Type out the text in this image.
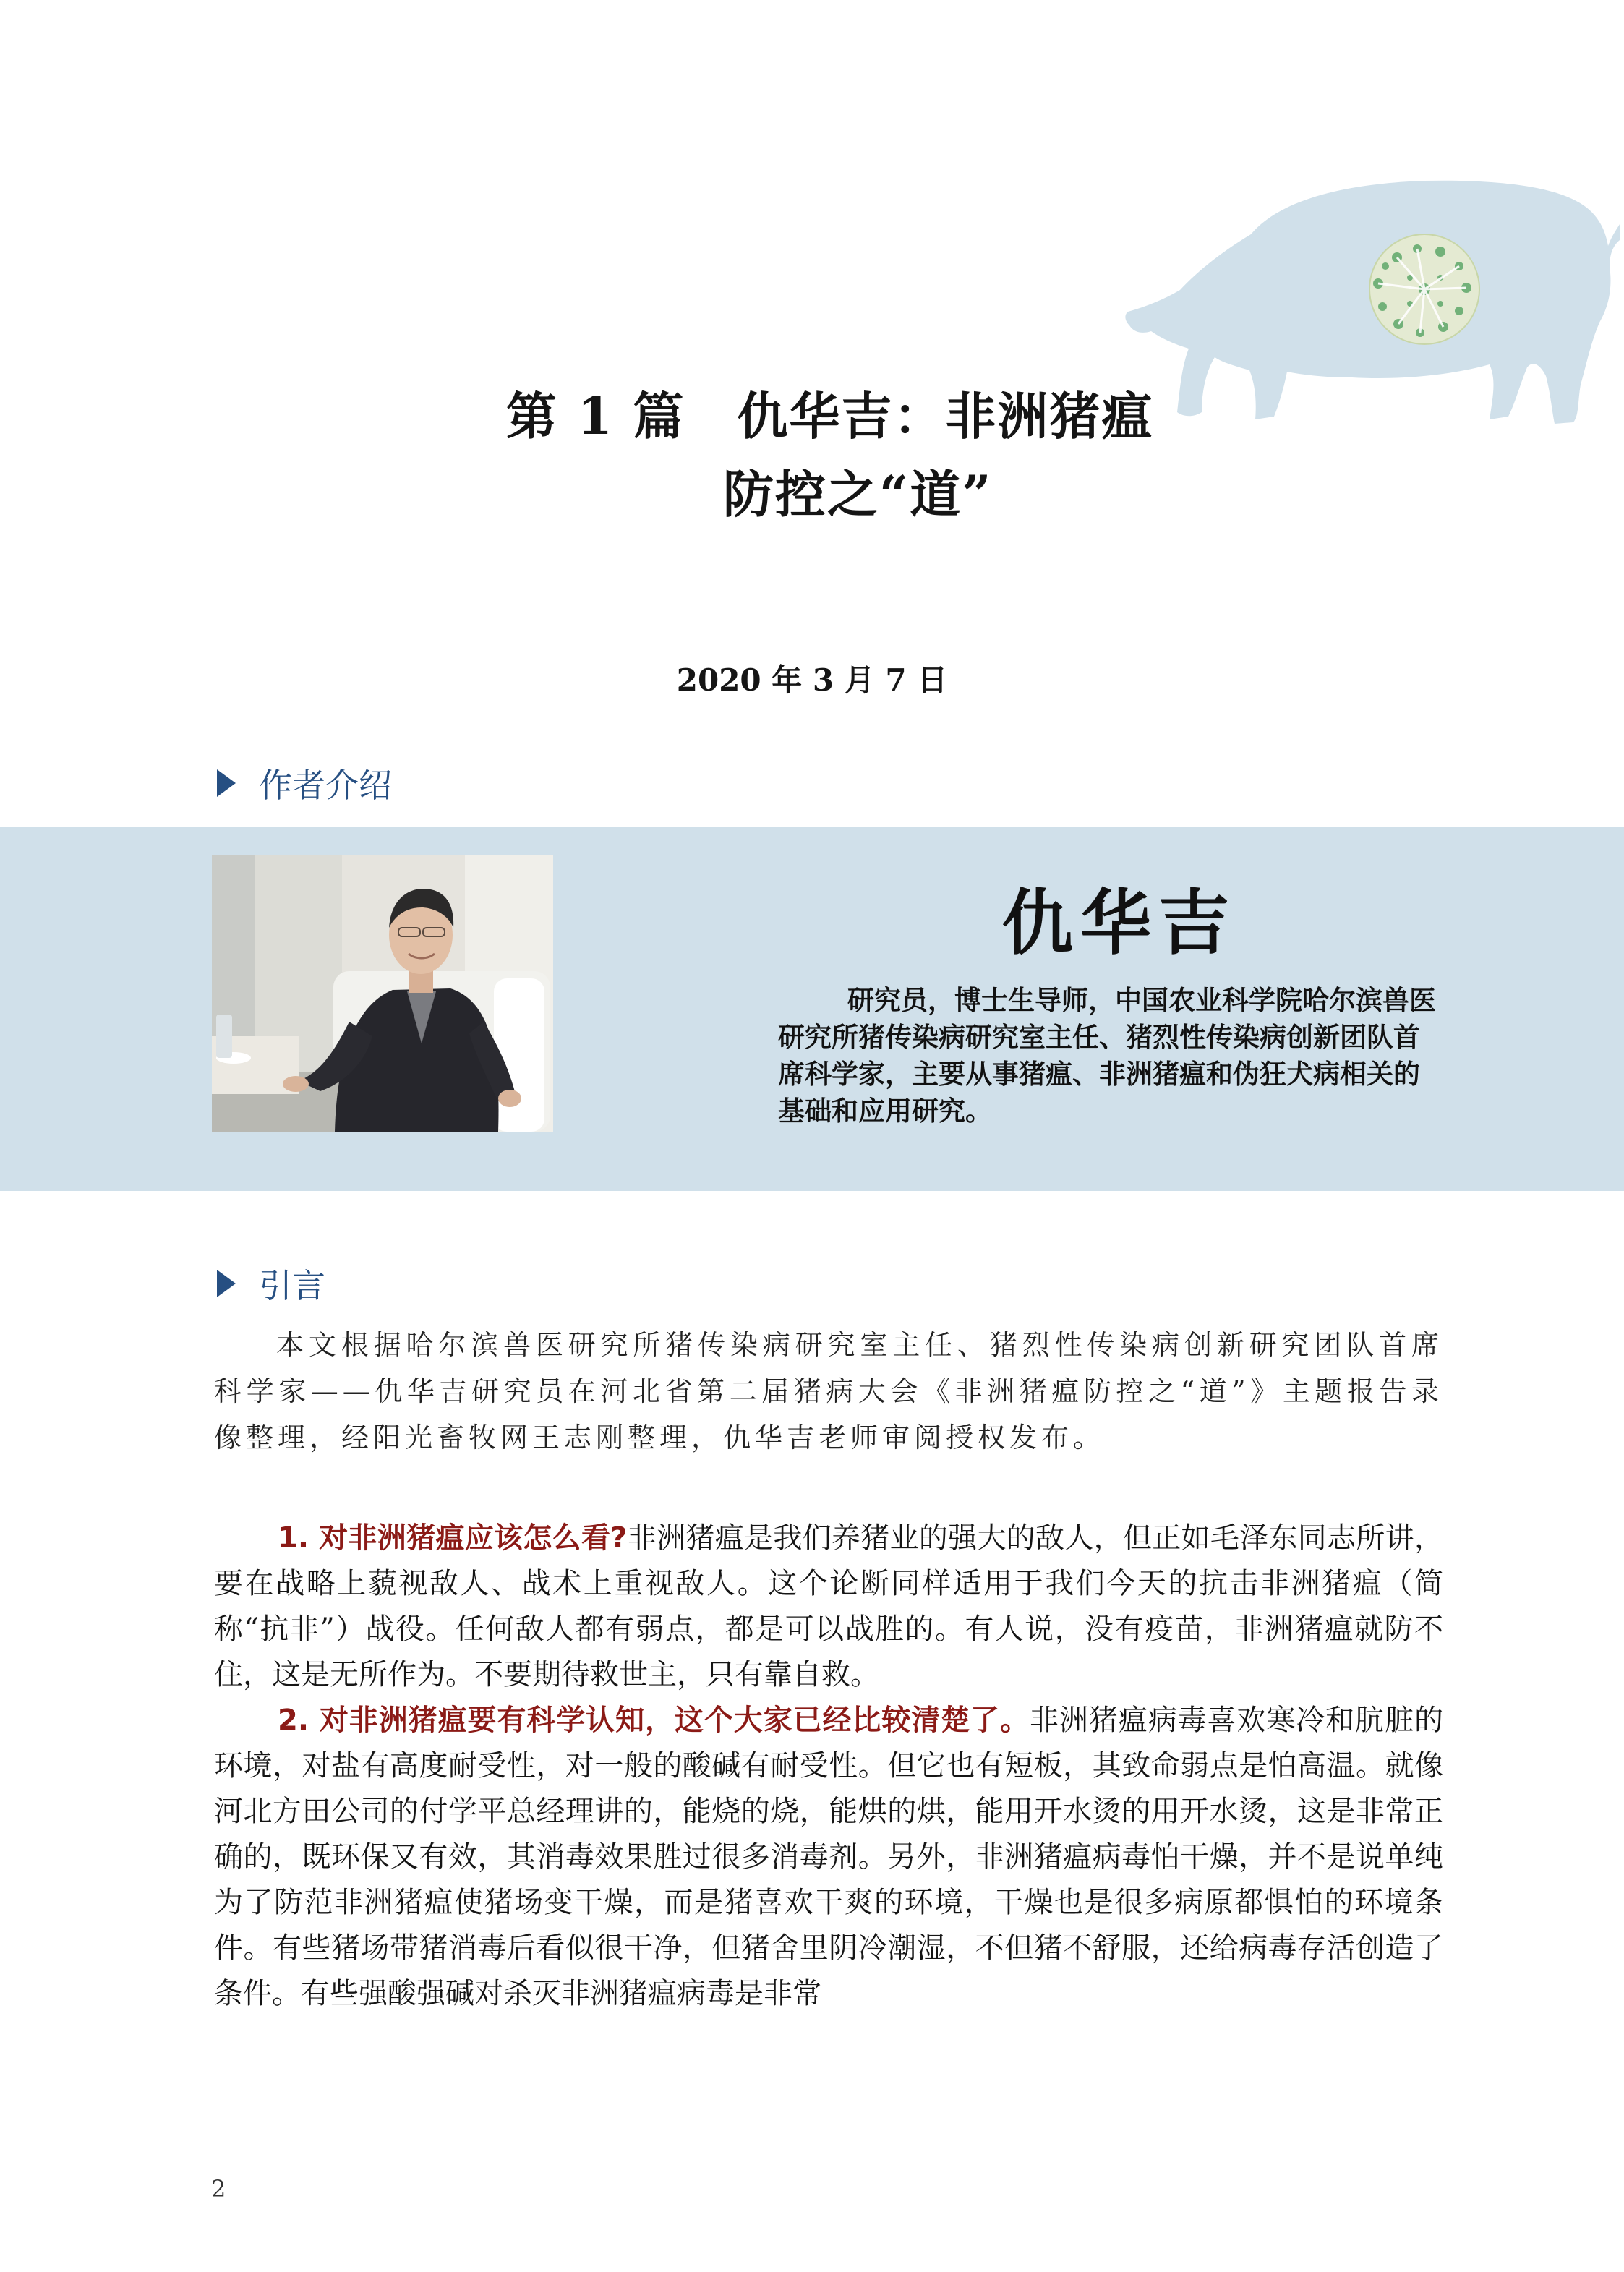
第 1 篇　仇华吉：非洲猪瘟
防控之“道”
2020 年 3 月 7 日
作者介绍
仇华吉

研究员，博士生导师，中国农业科学院哈尔滨兽医研究所猪传染病研究室主任、猪烈性传染病创新团队首席科学家，主要从事猪瘟、非洲猪瘟和伪狂犬病相关的基础和应用研究。

引言

本文根据哈尔滨兽医研究所猪传染病研究室主任、猪烈性传染病创新研究团队首席科学家——仇华吉研究员在河北省第二届猪病大会《非洲猪瘟防控之“道”》主题报告录像整理，经阳光畜牧网王志刚整理，仇华吉老师审阅授权发布。

1. 对非洲猪瘟应该怎么看?非洲猪瘟是我们养猪业的强大的敌人，但正如毛泽东同志所讲，要在战略上藐视敌人、战术上重视敌人。这个论断同样适用于我们今天的抗击非洲猪瘟（简称“抗非”）战役。任何敌人都有弱点，都是可以战胜的。有人说，没有疫苗，非洲猪瘟就防不住，这是无所作为。不要期待救世主，只有靠自救。

2. 对非洲猪瘟要有科学认知，这个大家已经比较清楚了。非洲猪瘟病毒喜欢寒冷和肮脏的环境，对盐有高度耐受性，对一般的酸碱有耐受性。但它也有短板，其致命弱点是怕高温。就像河北方田公司的付学平总经理讲的，能烧的烧，能烘的烘，能用开水烫的用开水烫，这是非常正确的，既环保又有效，其消毒效果胜过很多消毒剂。另外，非洲猪瘟病毒怕干燥，并不是说单纯为了防范非洲猪瘟使猪场变干燥，而是猪喜欢干爽的环境，干燥也是很多病原都惧怕的环境条件。有些猪场带猪消毒后看似很干净，但猪舍里阴冷潮湿，不但猪不舒服，还给病毒存活创造了条件。有些强酸强碱对杀灭非洲猪瘟病毒是非常

2
